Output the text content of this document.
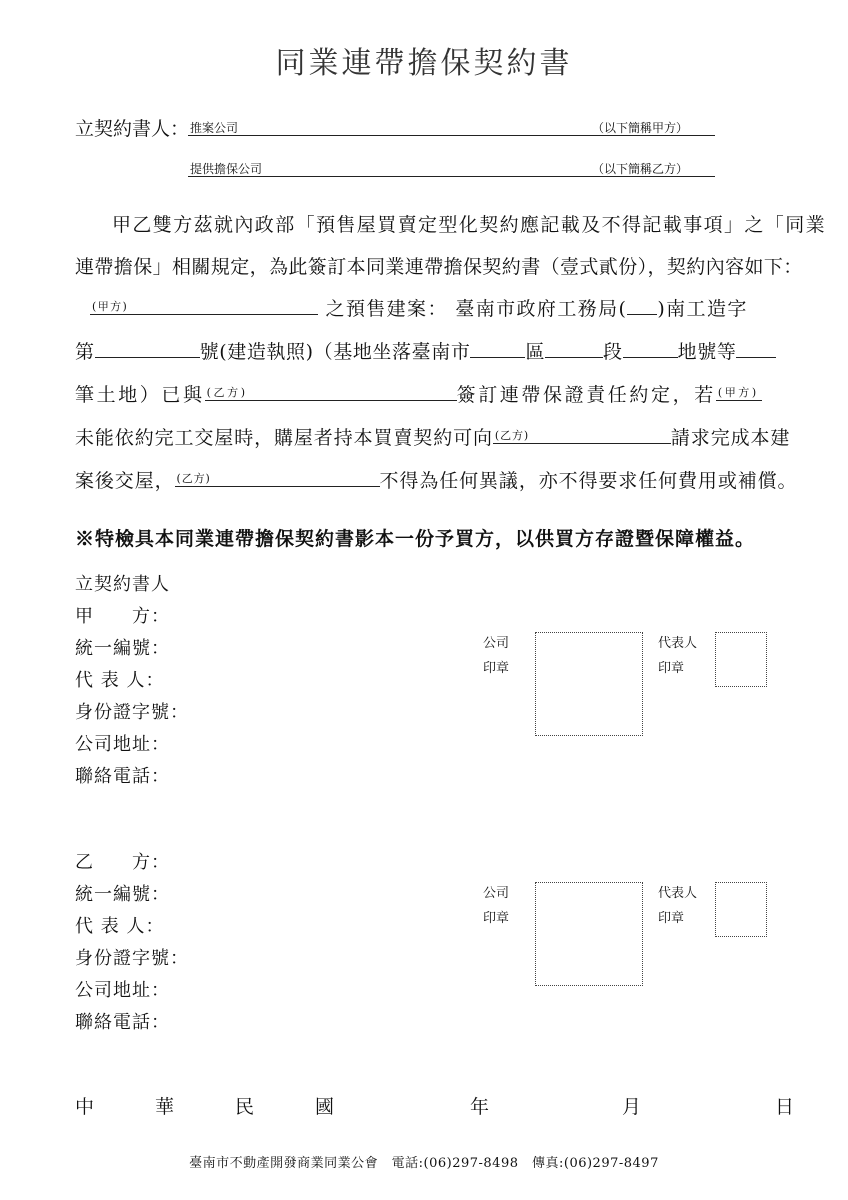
同業連帶擔保契約書
立契約書人： 推案公司	（以下簡稱甲方）
提供擔保公司	（以下簡稱乙方）
甲乙雙方茲就內政部「預售屋買賣定型化契約應記載及不得記載事項」之「同業
連帶擔保」相關規定，為此簽訂本同業連帶擔保契約書（壹式貳份），契約內容如下：
(甲方)	之預售建案： 臺南市政府工務局( )南工造字
第	號(建造執照)（基地坐落臺南市	區	段	地號等
筆土地）已與 (乙方)	簽訂連帶保證責任約定，若 (甲方)
未能依約完工交屋時，購屋者持本買賣契約可向 (乙方)	請求完成本建
案後交屋， (乙方)	不得為任何異議，亦不得要求任何費用或補償。
※特檢具本同業連帶擔保契約書影本一份予買方，以供買方存證暨保障權益。
立契約書人
甲　　方：
統一編號：
代 表 人：
身份證字號：
公司地址：
聯絡電話：
公司
印章
代表人
印章
乙　　方：
統一編號：
代 表 人：
身份證字號：
公司地址：
聯絡電話：
公司
印章
代表人
印章
中	華	民	國	年	月	日
臺南市不動產開發商業同業公會　電話:(06)297-8498　傳真:(06)297-8497
